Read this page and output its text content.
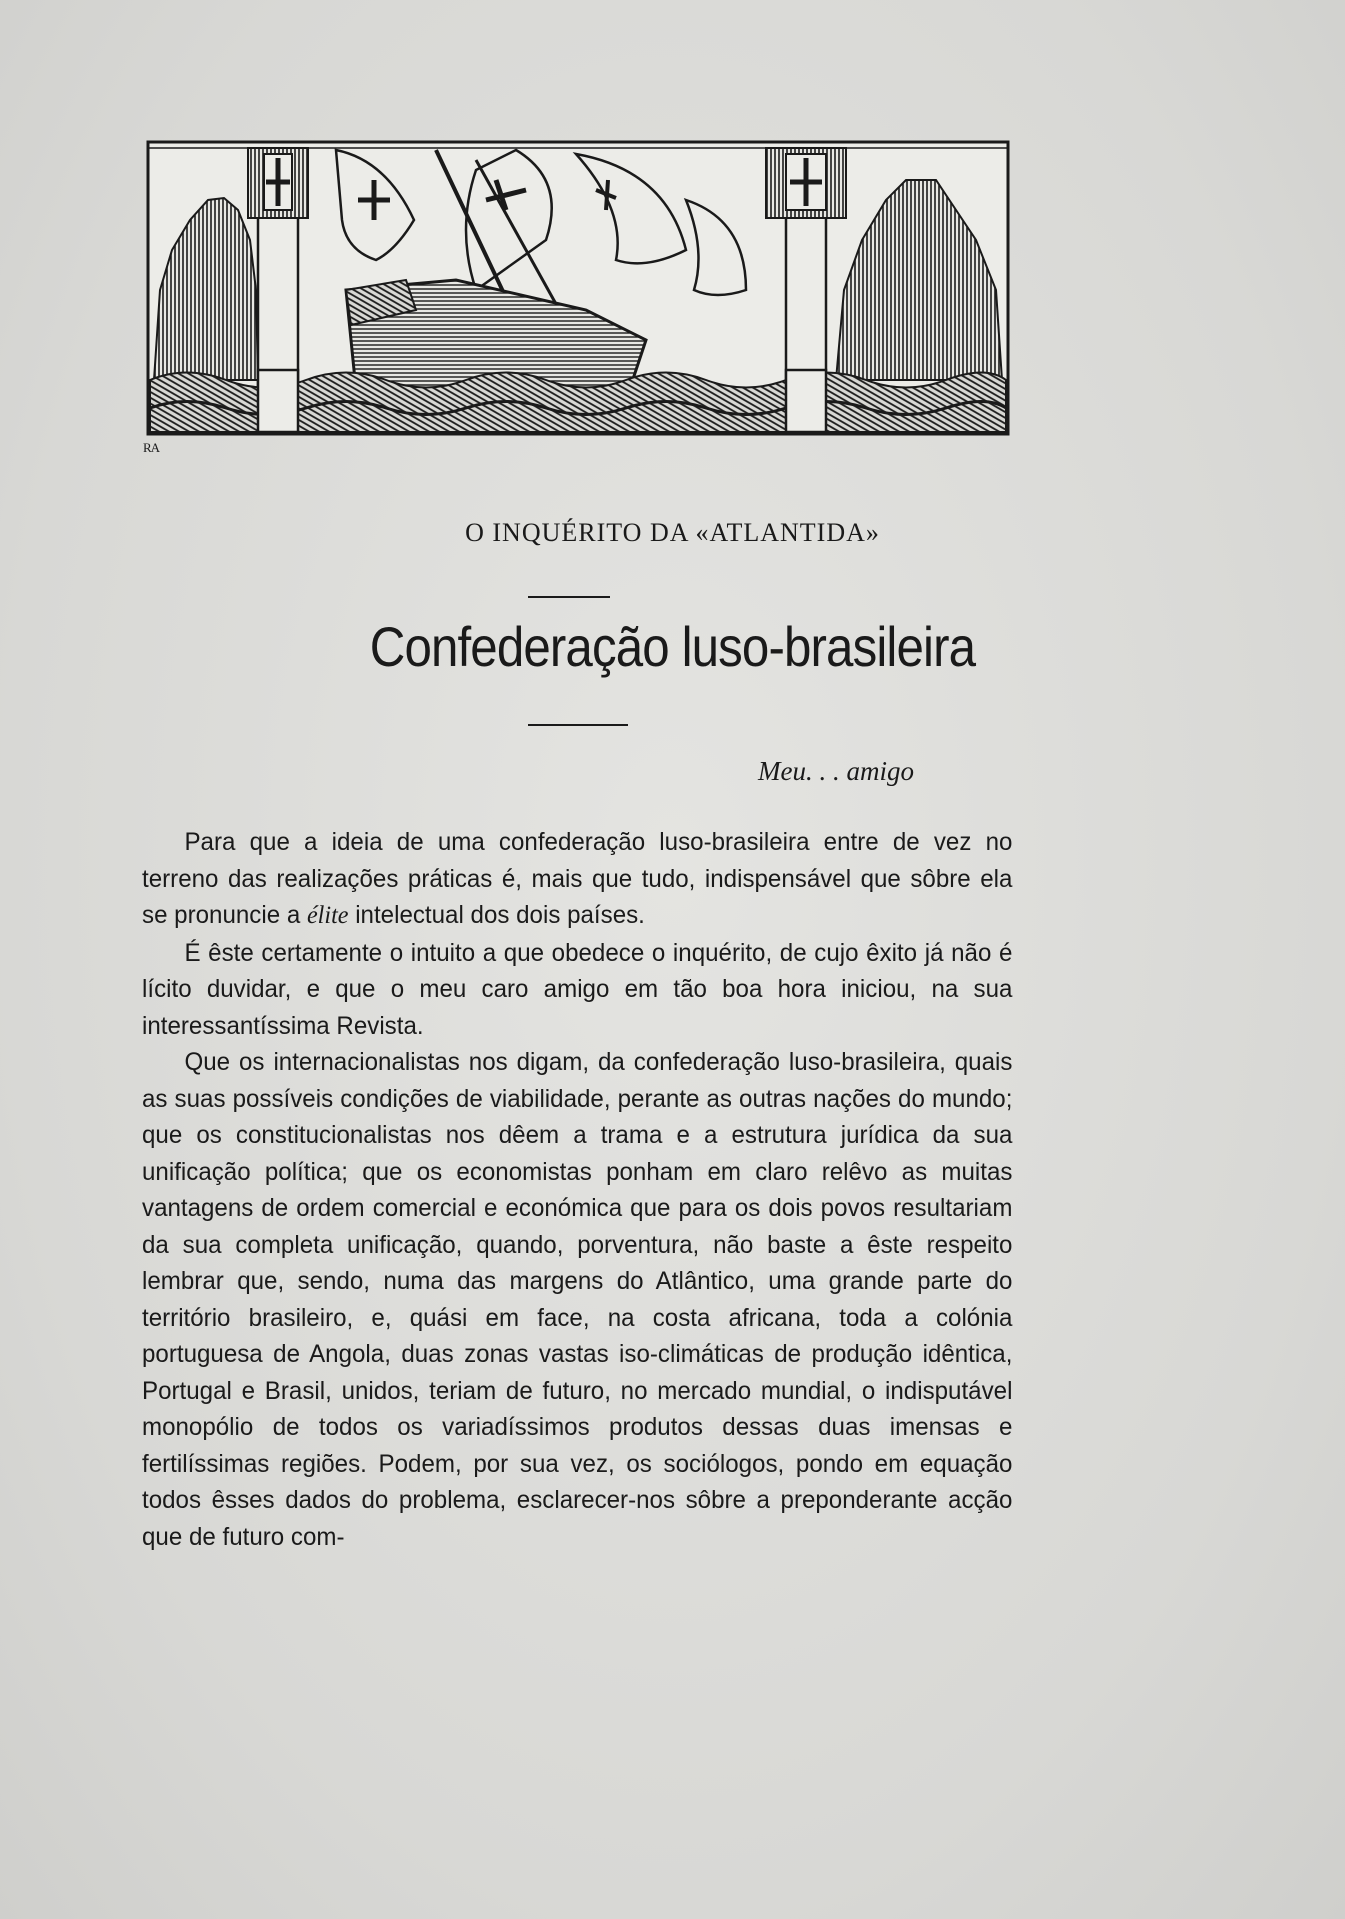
RA
O INQUÉRITO DA «ATLANTIDA»
Confederação luso-brasileira
Meu. . . amigo

Para que a ideia de uma confederação luso-brasileira entre de vez no terreno das realizações práticas é, mais que tudo, indispensável que sôbre ela se pronuncie a élite intelectual dos dois países.

É êste certamente o intuito a que obedece o inquérito, de cujo êxito já não é lícito duvidar, e que o meu caro amigo em tão boa hora iniciou, na sua interessantíssima Revista.

Que os internacionalistas nos digam, da confederação luso-brasileira, quais as suas possíveis condições de viabilidade, perante as outras nações do mundo; que os constitucionalistas nos dêem a trama e a estrutura jurídica da sua unificação política; que os economistas ponham em claro relêvo as muitas vantagens de ordem comercial e económica que para os dois povos resultariam da sua completa unificação, quando, porventura, não baste a êste respeito lembrar que, sendo, numa das margens do Atlântico, uma grande parte do território brasileiro, e, quási em face, na costa africana, toda a colónia portuguesa de Angola, duas zonas vastas iso-climáticas de produção idêntica, Portugal e Brasil, unidos, teriam de futuro, no mercado mundial, o indisputável monopólio de todos os variadíssimos produtos dessas duas imensas e fertilíssimas regiões. Podem, por sua vez, os sociólogos, pondo em equação todos êsses dados do problema, esclarecer-nos sôbre a preponderante acção que de futuro com-
